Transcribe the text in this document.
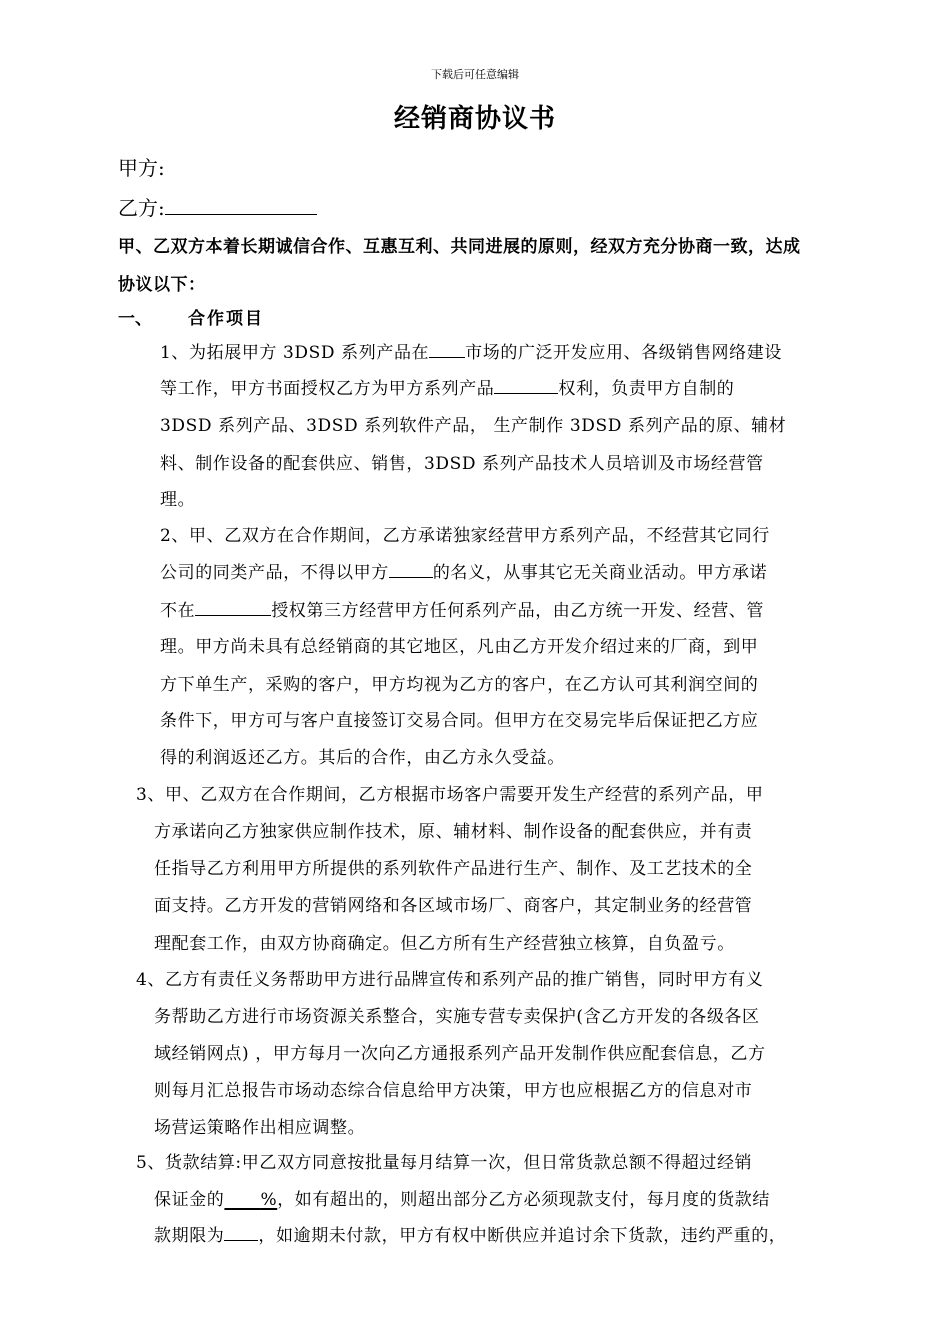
下载后可任意编辑
经销商协议书
甲方:
乙方:
甲、乙双方本着长期诚信合作、互惠互利、共同进展的原则，经双方充分协商一致，达成
协议以下：
一、 合作项目
1、为拓展甲方 3DSD 系列产品在 市场的广泛开发应用、各级销售网络建设
等工作，甲方书面授权乙方为甲方系列产品	权利，负责甲方自制的
3DSD 系列产品、3DSD 系列软件产品， 生产制作 3DSD 系列产品的原、辅材
料、制作设备的配套供应、销售，3DSD 系列产品技术人员培训及市场经营管
理。
2、甲、乙双方在合作期间，乙方承诺独家经营甲方系列产品，不经营其它同行
公司的同类产品，不得以甲方	的名义，从事其它无关商业活动。甲方承诺
不在	授权第三方经营甲方任何系列产品，由乙方统一开发、经营、管
理。甲方尚未具有总经销商的其它地区，凡由乙方开发介绍过来的厂商，到甲
方下单生产，采购的客户，甲方均视为乙方的客户，在乙方认可其利润空间的
条件下，甲方可与客户直接签订交易合同。但甲方在交易完毕后保证把乙方应
得的利润返还乙方。其后的合作，由乙方永久受益。
3、甲、乙双方在合作期间，乙方根据市场客户需要开发生产经营的系列产品，甲
方承诺向乙方独家供应制作技术，原、辅材料、制作设备的配套供应，并有责
任指导乙方利用甲方所提供的系列软件产品进行生产、制作、及工艺技术的全
面支持。乙方开发的营销网络和各区域市场厂、商客户，其定制业务的经营管
理配套工作，由双方协商确定。但乙方所有生产经营独立核算，自负盈亏。
4、乙方有责任义务帮助甲方进行品牌宣传和系列产品的推广销售，同时甲方有义
务帮助乙方进行市场资源关系整合，实施专营专卖保护(含乙方开发的各级各区
域经销网点) ，甲方每月一次向乙方通报系列产品开发制作供应配套信息，乙方
则每月汇总报告市场动态综合信息给甲方决策，甲方也应根据乙方的信息对市
场营运策略作出相应调整。
5、货款结算:甲乙双方同意按批量每月结算一次，但日常货款总额不得超过经销
保证金的 %，如有超出的，则超出部分乙方必须现款支付，每月度的货款结
款期限为 ，如逾期未付款，甲方有权中断供应并追讨余下货款，违约严重的，
